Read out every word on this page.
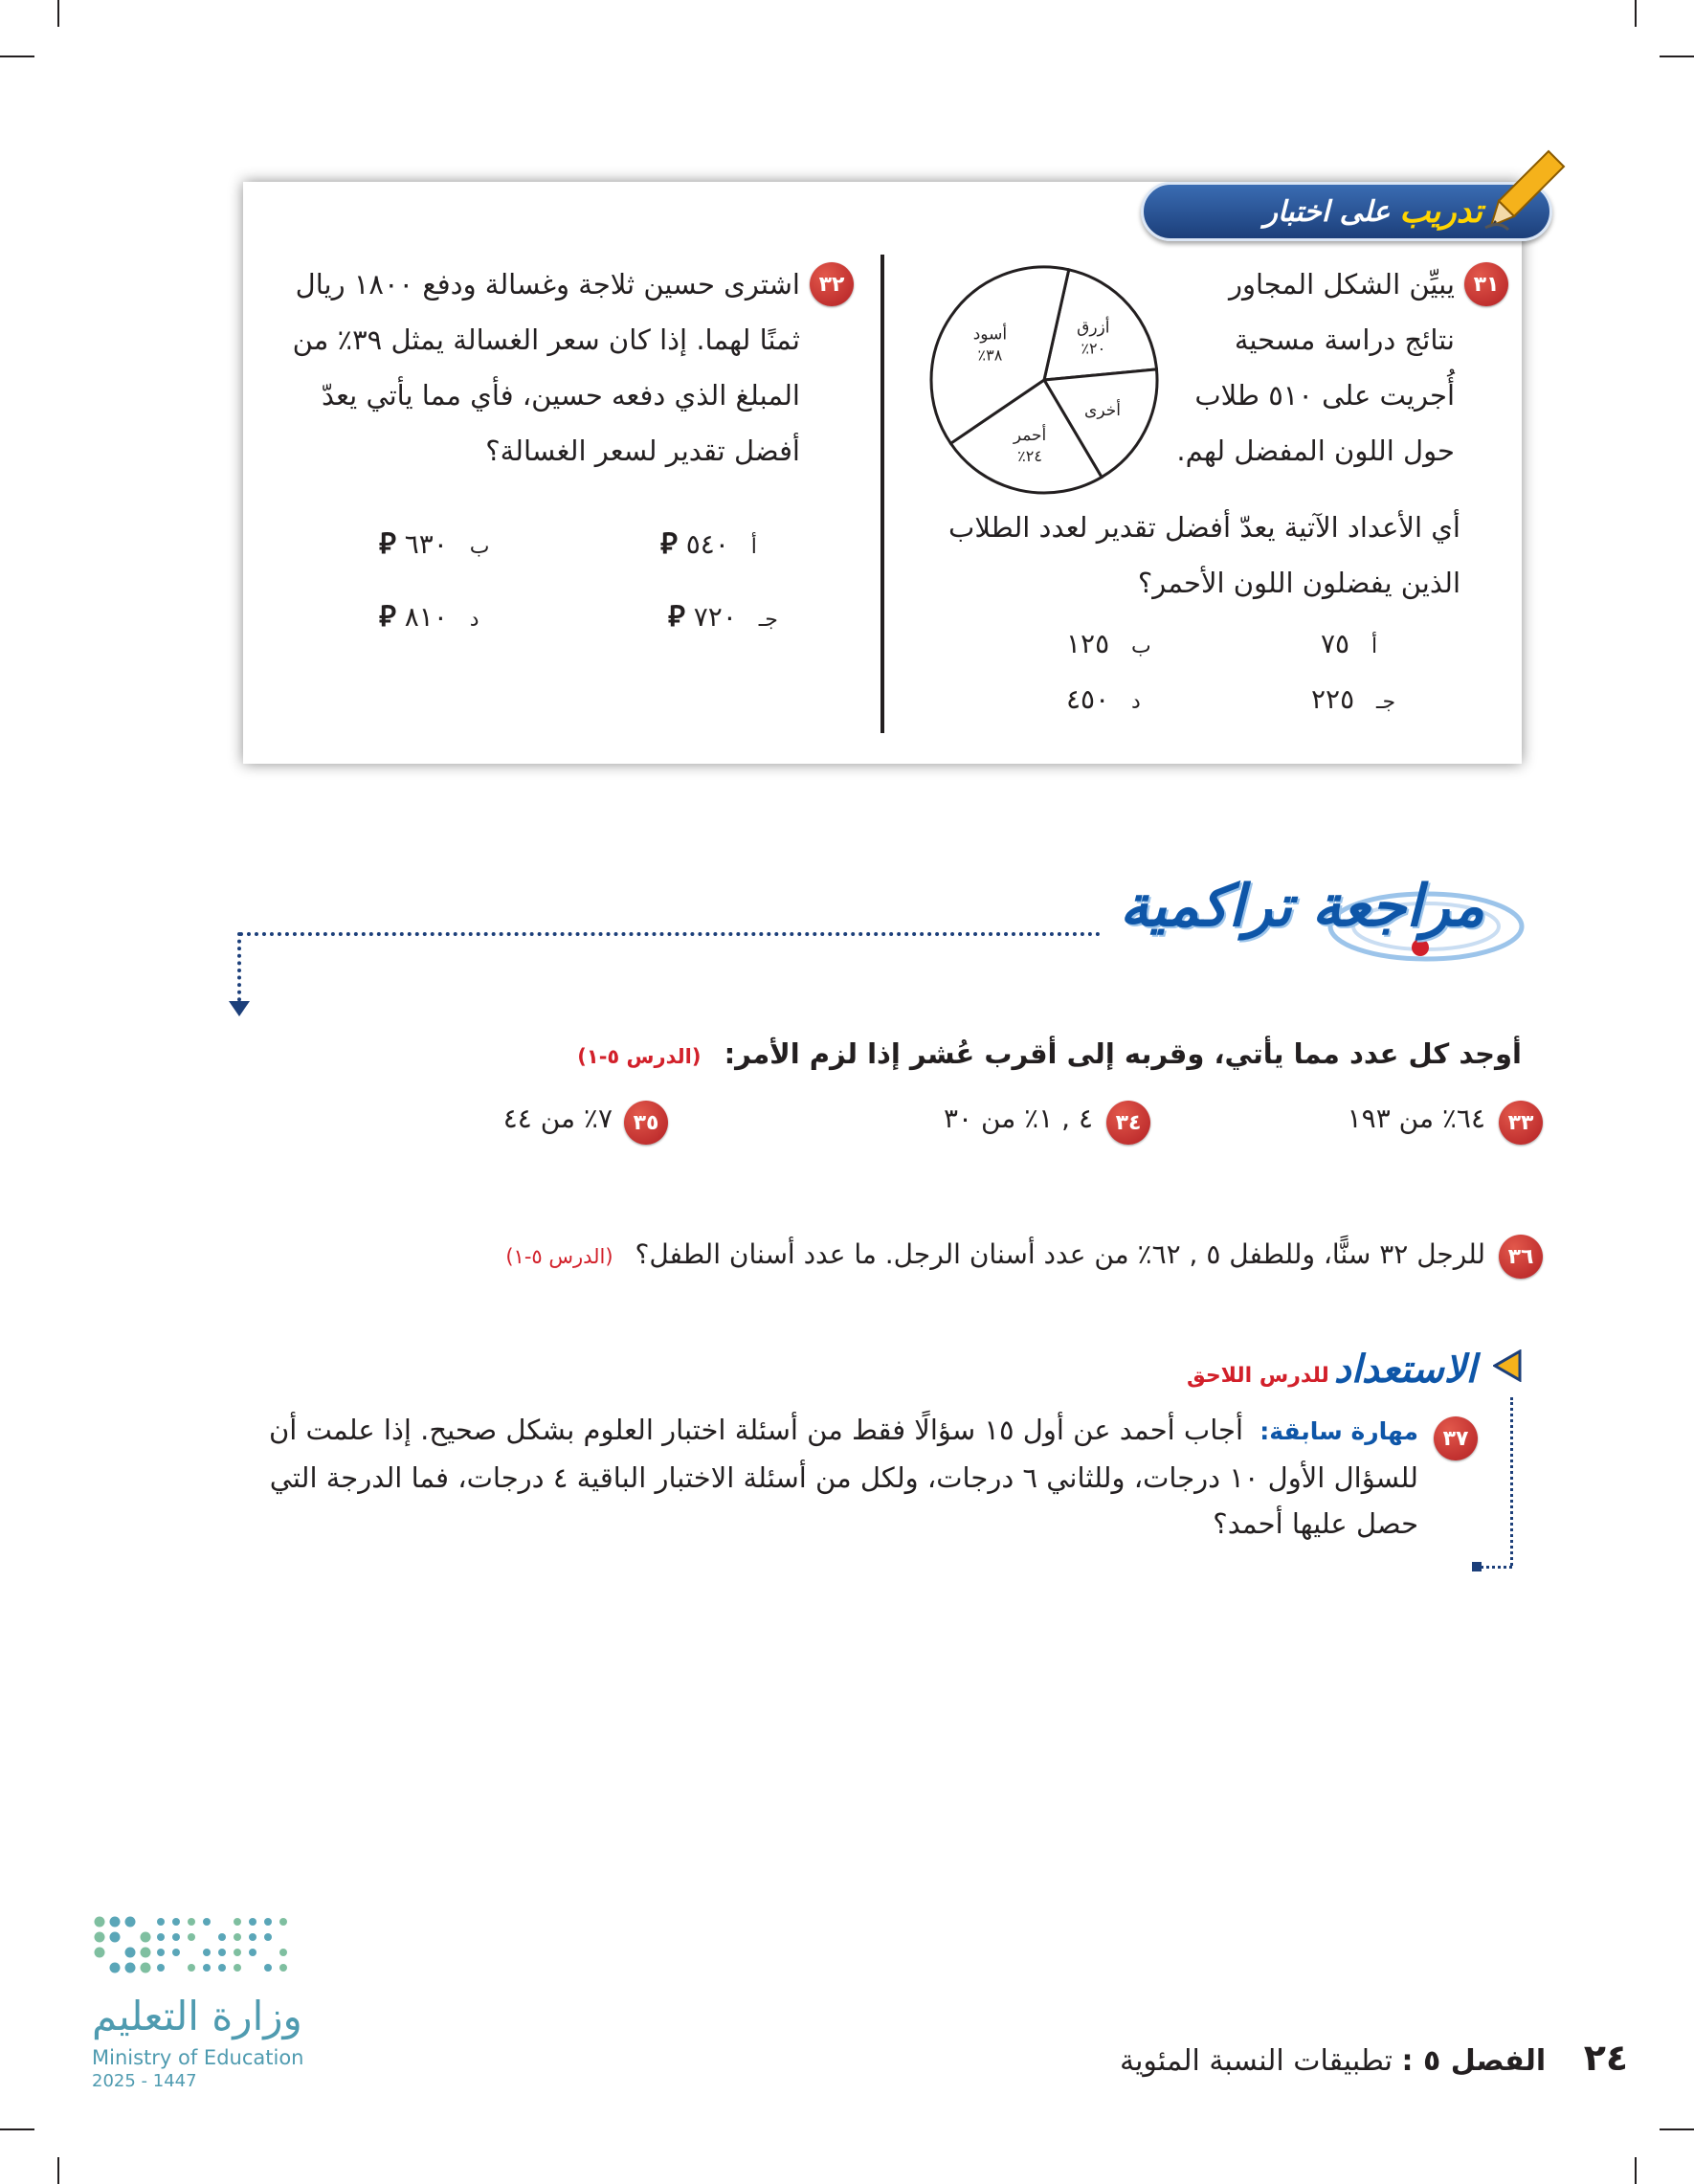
تدريب
على اختبار
٣١
يبيِّن الشكل المجاور نتائج دراسة مسحية أُجريت على ٥١٠ طلاب حول اللون المفضل لهم.
أزرق
٢٠٪
أخرى
أحمر
٢٤٪
أسود
٣٨٪
أي الأعداد الآتية يعدّ أفضل تقدير لعدد الطلاب الذين يفضلون اللون الأحمر؟
أ ٧٥
ب ١٢٥
جـ ٢٢٥
د ٤٥٠
٣٢
اشترى حسين ثلاجة وغسالة ودفع ١٨٠٠ ريال ثمنًا لهما. إذا كان سعر الغسالة يمثل ٣٩٪ من المبلغ الذي دفعه حسين، فأي مما يأتي يعدّ أفضل تقدير لسعر الغسالة؟
أ ٥٤٠ ⃁
ب ٦٣٠ ⃁
جـ ٧٢٠ ⃁
د ٨١٠ ⃁
مراجعة تراكمية
أوجد كل عدد مما يأتي، وقربه إلى أقرب عُشر إذا لزم الأمر: (الدرس ٥-١)
٣٣
٦٤٪ من ١٩٣
٣٤
٤ , ١٪ من ٣٠
٣٥
٧٪ من ٤٤
٣٦
للرجل ٣٢ سنًّا، وللطفل ٥ , ٦٢٪ من عدد أسنان الرجل. ما عدد أسنان الطفل؟ (الدرس ٥-١)
الاستعداد للدرس اللاحق
٣٧
مهارة سابقة: أجاب أحمد عن أول ١٥ سؤالًا فقط من أسئلة اختبار العلوم بشكل صحيح. إذا علمت أن للسؤال الأول ١٠ درجات، وللثاني ٦ درجات، ولكل من أسئلة الاختبار الباقية ٤ درجات، فما الدرجة التي حصل عليها أحمد؟
٢٤ الفصل ٥ : تطبيقات النسبة المئوية
وزارة التعليم
Ministry of Education
2025 - 1447
